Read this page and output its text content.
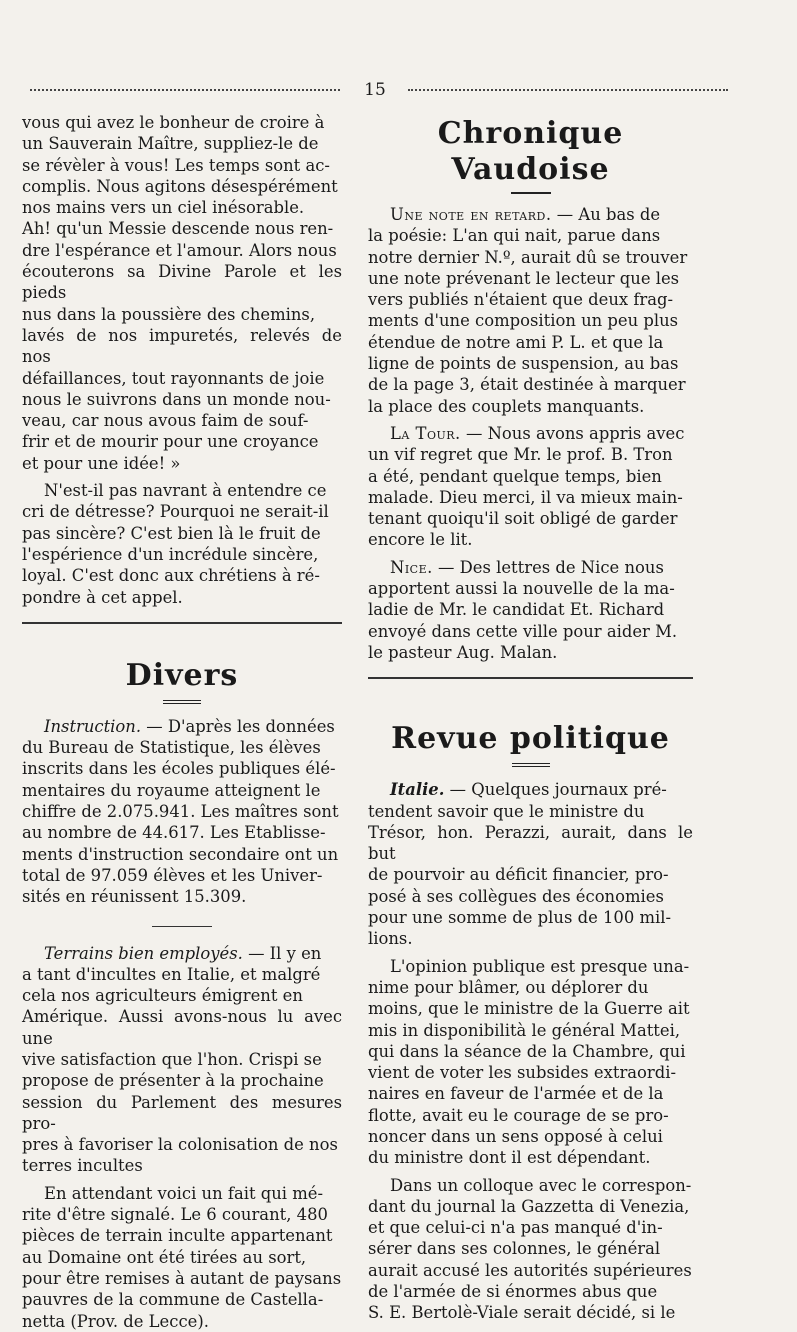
15
vous qui avez le bonheur de croire à
un Sauverain Maître, suppliez-le de
se révèler à vous! Les temps sont ac-
complis. Nous agitons désespérément
nos mains vers un ciel inésorable.
Ah! qu'un Messie descende nous ren-
dre l'espérance et l'amour. Alors nous
écouterons sa Divine Parole et les pieds
nus dans la poussière des chemins,
lavés de nos impuretés, relevés de nos
défaillances, tout rayonnants de joie
nous le suivrons dans un monde nou-
veau, car nous avous faim de souf-
frir et de mourir pour une croyance
et pour une idée! »
N'est-il pas navrant à entendre ce
cri de détresse? Pourquoi ne serait-il
pas sincère? C'est bien là le fruit de
l'espérience d'un incrédule sincère,
loyal. C'est donc aux chrétiens à ré-
pondre à cet appel.
Divers
Instruction. — D'après les données
du Bureau de Statistique, les élèves
inscrits dans les écoles publiques élé-
mentaires du royaume atteignent le
chiffre de 2.075.941. Les maîtres sont
au nombre de 44.617. Les Etablisse-
ments d'instruction secondaire ont un
total de 97.059 élèves et les Univer-
sités en réunissent 15.309.
Terrains bien employés. — Il y en
a tant d'incultes en Italie, et malgré
cela nos agriculteurs émigrent en
Amérique. Aussi avons-nous lu avec une
vive satisfaction que l'hon. Crispi se
propose de présenter à la prochaine
session du Parlement des mesures pro-
pres à favoriser la colonisation de nos
terres incultes
En attendant voici un fait qui mé-
rite d'être signalé. Le 6 courant, 480
pièces de terrain inculte appartenant
au Domaine ont été tirées au sort,
pour être remises à autant de paysans
pauvres de la commune de Castella-
netta (Prov. de Lecce).
Chronique Vaudoise
Une note en retard. — Au bas de
la poésie: L'an qui nait, parue dans
notre dernier N.º, aurait dû se trouver
une note prévenant le lecteur que les
vers publiés n'étaient que deux frag-
ments d'une composition un peu plus
étendue de notre ami P. L. et que la
ligne de points de suspension, au bas
de la page 3, était destinée à marquer
la place des couplets manquants.
La Tour. — Nous avons appris avec
un vif regret que Mr. le prof. B. Tron
a été, pendant quelque temps, bien
malade. Dieu merci, il va mieux main-
tenant quoiqu'il soit obligé de garder
encore le lit.
Nice. — Des lettres de Nice nous
apportent aussi la nouvelle de la ma-
ladie de Mr. le candidat Et. Richard
envoyé dans cette ville pour aider M.
le pasteur Aug. Malan.
Revue politique
Italie. — Quelques journaux pré-
tendent savoir que le ministre du
Trésor, hon. Perazzi, aurait, dans le but
de pourvoir au déficit financier, pro-
posé à ses collègues des économies
pour une somme de plus de 100 mil-
lions.
L'opinion publique est presque una-
nime pour blâmer, ou déplorer du
moins, que le ministre de la Guerre ait
mis in disponibilità le général Mattei,
qui dans la séance de la Chambre, qui
vient de voter les subsides extraordi-
naires en faveur de l'armée et de la
flotte, avait eu le courage de se pro-
noncer dans un sens opposé à celui
du ministre dont il est dépendant.
Dans un colloque avec le correspon-
dant du journal la Gazzetta di Venezia,
et que celui-ci n'a pas manqué d'in-
sérer dans ses colonnes, le général
aurait accusé les autorités supérieures
de l'armée de si énormes abus que
S. E. Bertolè-Viale serait décidé, si le
